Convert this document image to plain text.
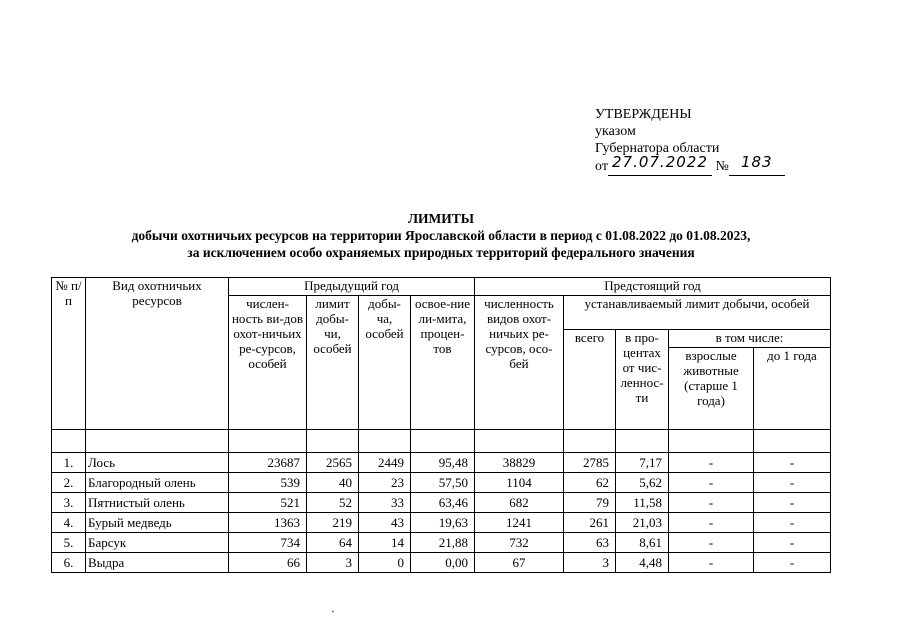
УТВЕРЖДЕНЫ
указом
Губернатора области
от 27.07.2022 № 183
ЛИМИТЫ
добычи охотничьих ресурсов на территории Ярославской области в период с 01.08.2022 до 01.08.2023,
за исключением особо охраняемых природных территорий федерального значения
№ п/п	Вид охотничьих ресурсов	Предыдущий год				Предстоящий год				
		числен-ность ви-дов охот-ничьих ре-сурсов, особей	лимит добы-чи, особей	добы-ча, особей	освое-ние ли-мита, процен-тов	численность видов охот-ничьих ре-сурсов, осо-бей	устанавливаемый лимит добычи, особей			
							всего	в про-центах от чис-леннос-ти	в том числе:	
									взрослые животные (старше 1 года)	до 1 года

1.	Лось	23687	2565	2449	95,48	38829	2785	7,17	-	-
2.	Благородный олень	539	40	23	57,50	1104	62	5,62	-	-
3.	Пятнистый олень	521	52	33	63,46	682	79	11,58	-	-
4.	Бурый медведь	1363	219	43	19,63	1241	261	21,03	-	-
5.	Барсук	734	64	14	21,88	732	63	8,61	-	-
6.	Выдра	66	3	0	0,00	67	3	4,48	-	-
`
